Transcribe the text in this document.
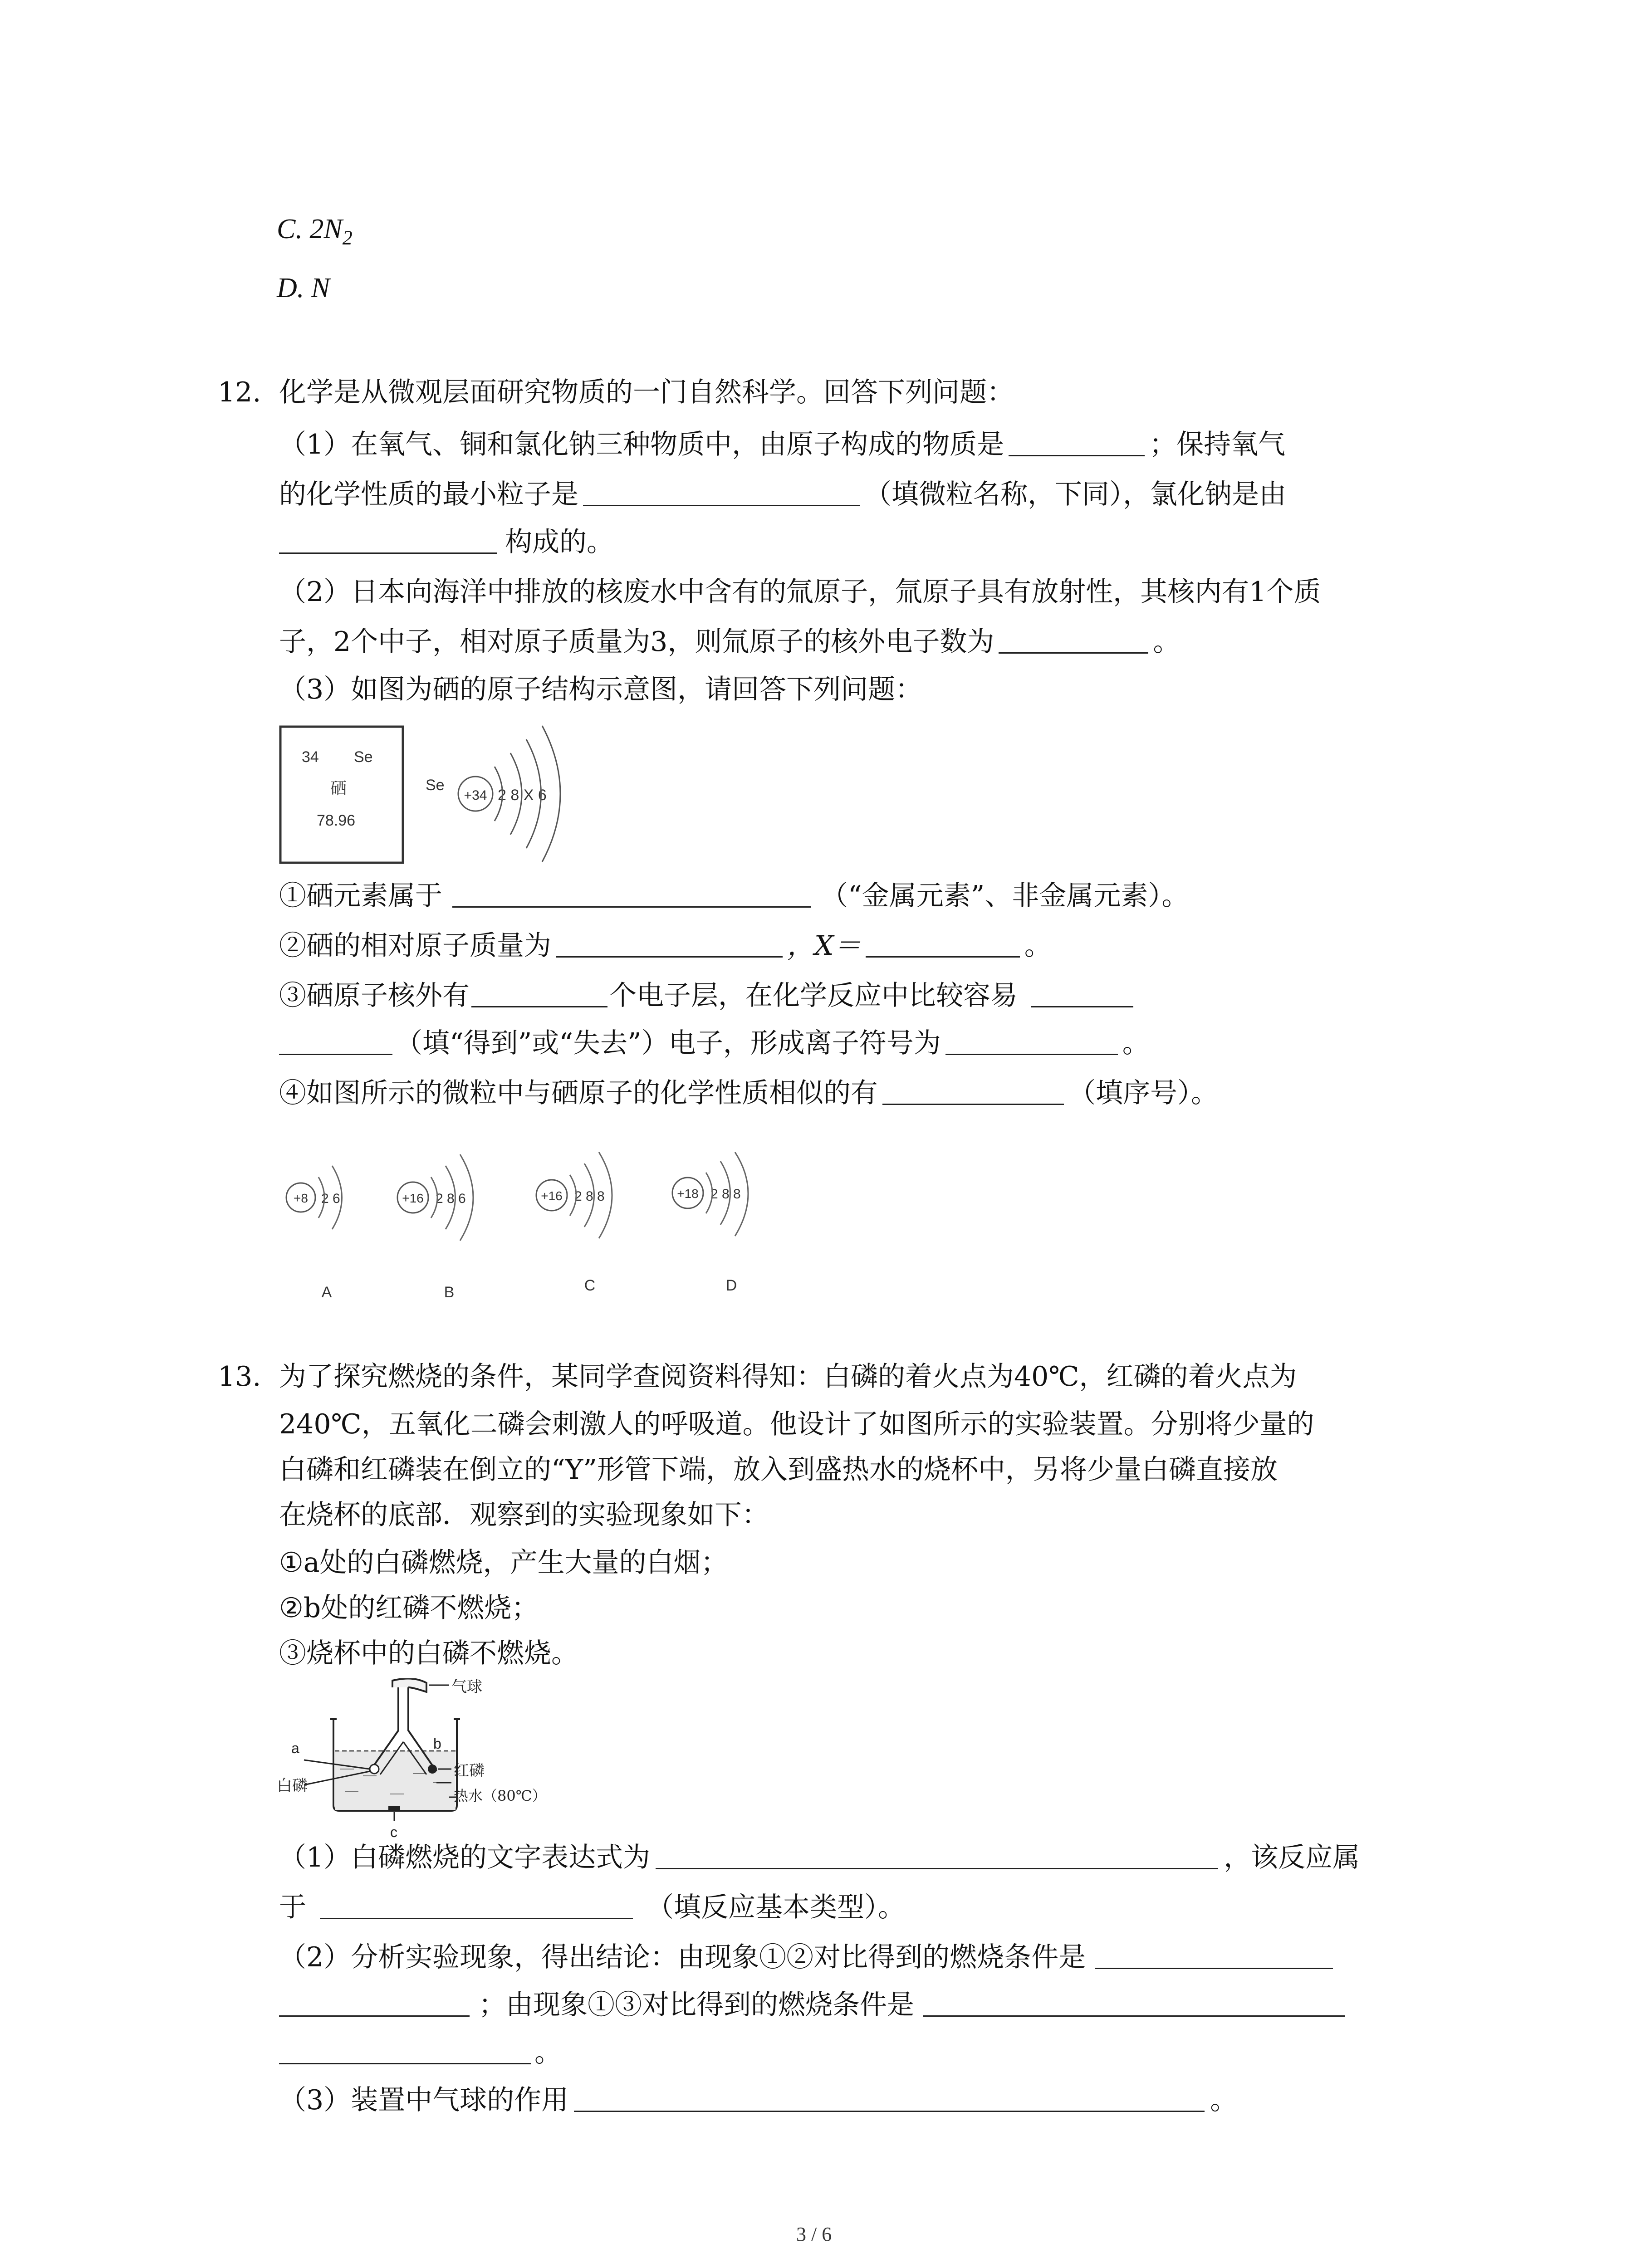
C. $2N_2$
D. N
12. 化学是从微观层面研究物质的一门自然科学。回答下列问题：
（1）在氧气、铜和氯化钠三种物质中，由原子构成的物质是	；保持氧气
的化学性质的最小粒子是	（填微粒名称，下同），氯化钠是由
构成的。
（2）日本向海洋中排放的核废水中含有的氚原子，氚原子具有放射性，其核内有1个质
子，2个中子，相对原子质量为3，则氚原子的核外电子数为	。
（3）如图为硒的原子结构示意图，请回答下列问题：
34 Se
硒
78.96
Se
+34 2 8 X 6
①硒元素属于	（“金属元素”、非金属元素）。
②硒的相对原子质量为	，X＝	。
③硒原子核外有	个电子层，在化学反应中比较容易
（填“得到”或“失去”）电子，形成离子符号为	。
④如图所示的微粒中与硒原子的化学性质相似的有	（填序号）。
+8 2 6
A
+16 2 8 6
B
+16 2 8 8
C
+18 2 8 8
D
13. 为了探究燃烧的条件，某同学查阅资料得知：白磷的着火点为40℃，红磷的着火点为
240℃，五氧化二磷会刺激人的呼吸道。他设计了如图所示的实验装置。分别将少量的
白磷和红磷装在倒立的“Y”形管下端，放入到盛热水的烧杯中，另将少量白磷直接放
在烧杯的底部．观察到的实验现象如下：
①a处的白磷燃烧，产生大量的白烟；
②b处的红磷不燃烧；
③烧杯中的白磷不燃烧。
气球
a	b
白磷
红磷
热水（80℃）
c
（1）白磷燃烧的文字表达式为	，该反应属
于	（填反应基本类型）。
（2）分析实验现象，得出结论：由现象①②对比得到的燃烧条件是
；由现象①③对比得到的燃烧条件是
。
（3）装置中气球的作用	。
3 / 6
